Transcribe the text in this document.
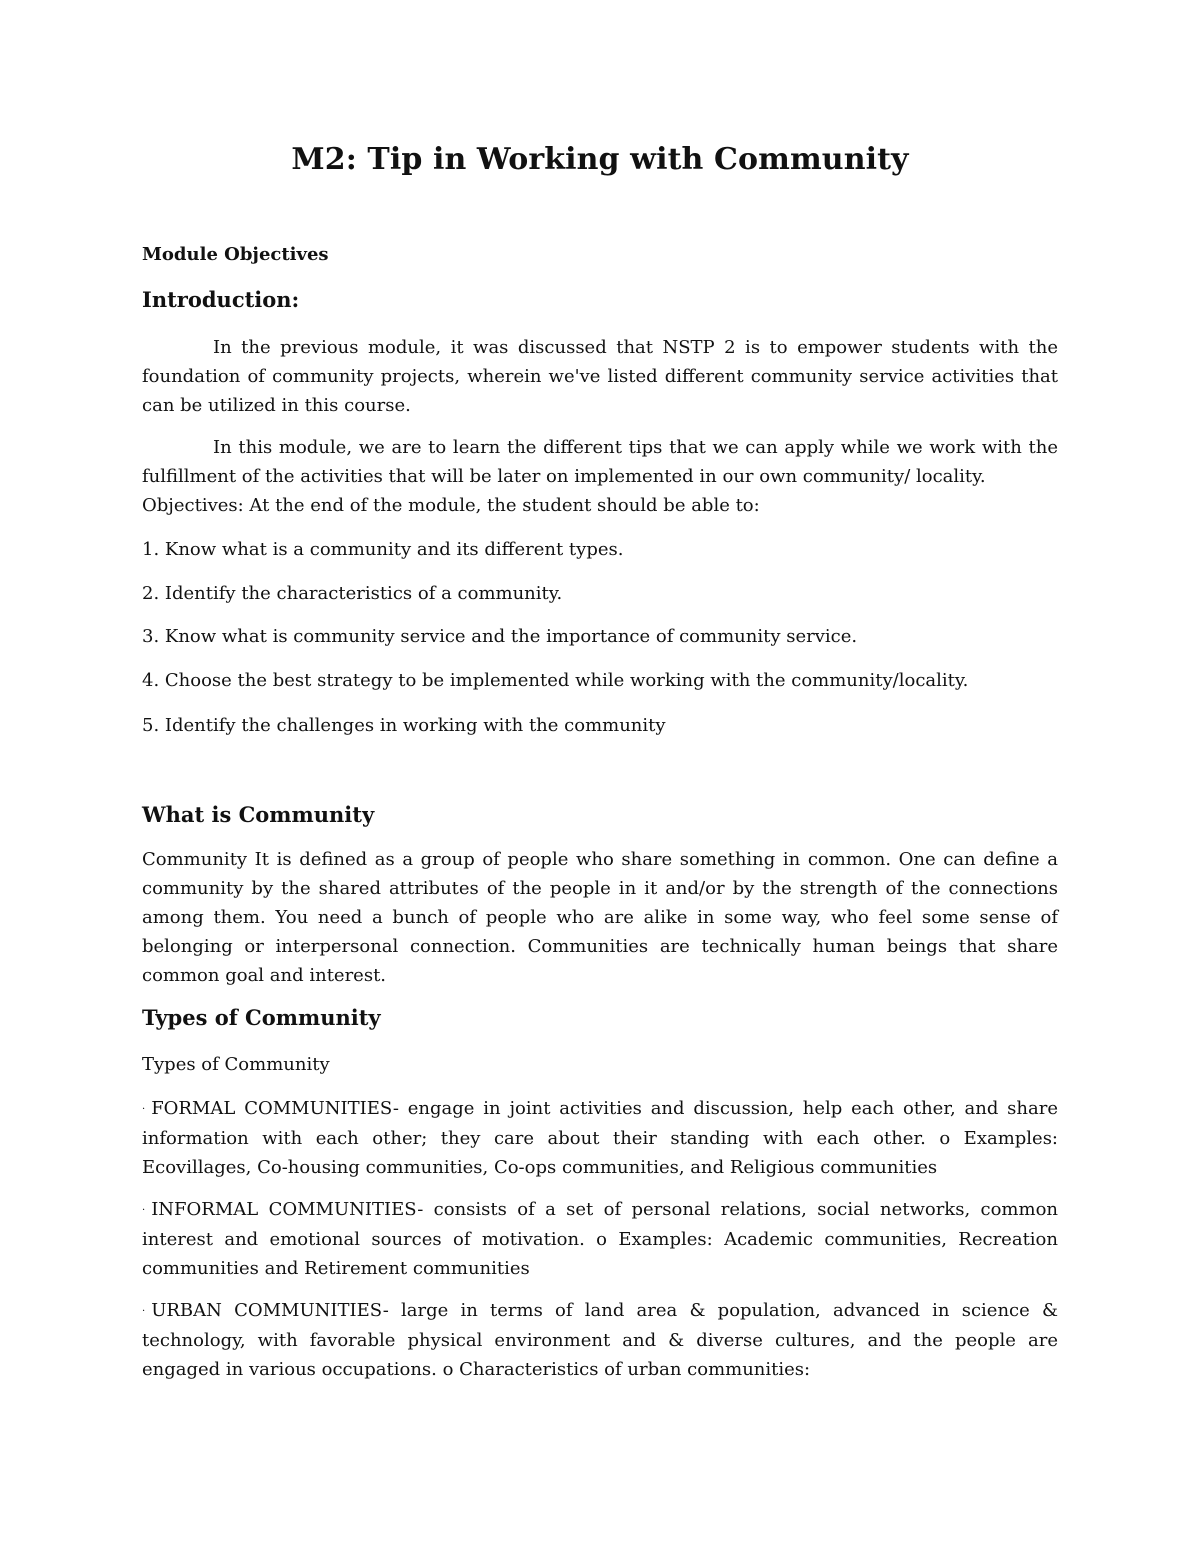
M2: Tip in Working with Community
Module Objectives
Introduction:

In the previous module, it was discussed that NSTP 2 is to empower students with the foundation of community projects, wherein we've listed different community service activities that can be utilized in this course.

In this module, we are to learn the different tips that we can apply while we work with the fulfillment of the activities that will be later on implemented in our own community/ locality.

Objectives: At the end of the module, the student should be able to:
1. Know what is a community and its different types.
2. Identify the characteristics of a community.
3. Know what is community service and the importance of community service.
4. Choose the best strategy to be implemented while working with the community/locality.
5. Identify the challenges in working with the community
What is Community

Community It is defined as a group of people who share something in common. One can define a community by the shared attributes of the people in it and/or by the strength of the connections among them. You need a bunch of people who are alike in some way, who feel some sense of belonging or interpersonal connection. Communities are technically human beings that share common goal and interest.

Types of Community
Types of Community

· FORMAL COMMUNITIES- engage in joint activities and discussion, help each other, and share information with each other; they care about their standing with each other. o Examples: Ecovillages, Co-housing communities, Co-ops communities, and Religious communities

· INFORMAL COMMUNITIES- consists of a set of personal relations, social networks, common interest and emotional sources of motivation. o Examples: Academic communities, Recreation communities and Retirement communities

· URBAN COMMUNITIES- large in terms of land area & population, advanced in science & technology, with favorable physical environment and & diverse cultures, and the people are engaged in various occupations. o Characteristics of urban communities:
